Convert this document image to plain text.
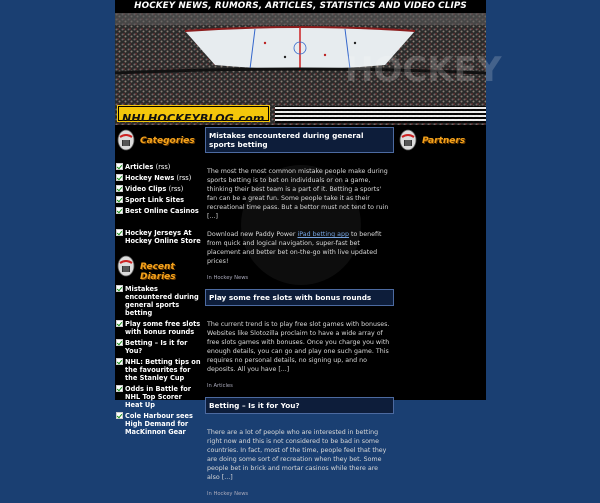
HOCKEY NEWS, RUMORS, ARTICLES, STATISTICS AND VIDEO CLIPS
HOCKEY
NHLHOCKEYBLOG.com
Categories
Articles (rss)
Hockey News (rss)
Video Clips (rss)
Sport Link Sites
Best Online Casinos
Hockey Jerseys At Hockey Online Store
Recent Diaries
Mistakes encountered during general sports betting
Play some free slots with bonus rounds
Betting – Is it for You?
NHL: Betting tips on the favourites for the Stanley Cup
Odds in Battle for NHL Top Scorer Heat Up
Cole Harbour sees High Demand for MacKinnon Gear
Mistakes encountered during general sports betting

The most the most common mistake people make during sports betting is to bet on individuals or on a game, thinking their best team is a part of it. Betting a sports' fan can be a great fun. Some people take it as their recreational time pass. But a bettor must not tend to ruin [...]

Download new Paddy Power iPad betting app to benefit from quick and logical navigation, super-fast bet placement and better bet on-the-go with live updated prices!

In Hockey News
Play some free slots with bonus rounds

The current trend is to play free slot games with bonuses. Websites like Slotozilla proclaim to have a wide array of free slots games with bonuses. Once you charge you with enough details, you can go and play one such game. This requires no personal details, no signing up, and no deposits. All you have [...]

In Articles
Betting – Is it for You?

There are a lot of people who are interested in betting right now and this is not considered to be bad in some countries. In fact, most of the time, people feel that they are doing some sort of recreation when they bet. Some people bet in brick and mortar casinos while there are also [...]

In Hockey News
Partners
